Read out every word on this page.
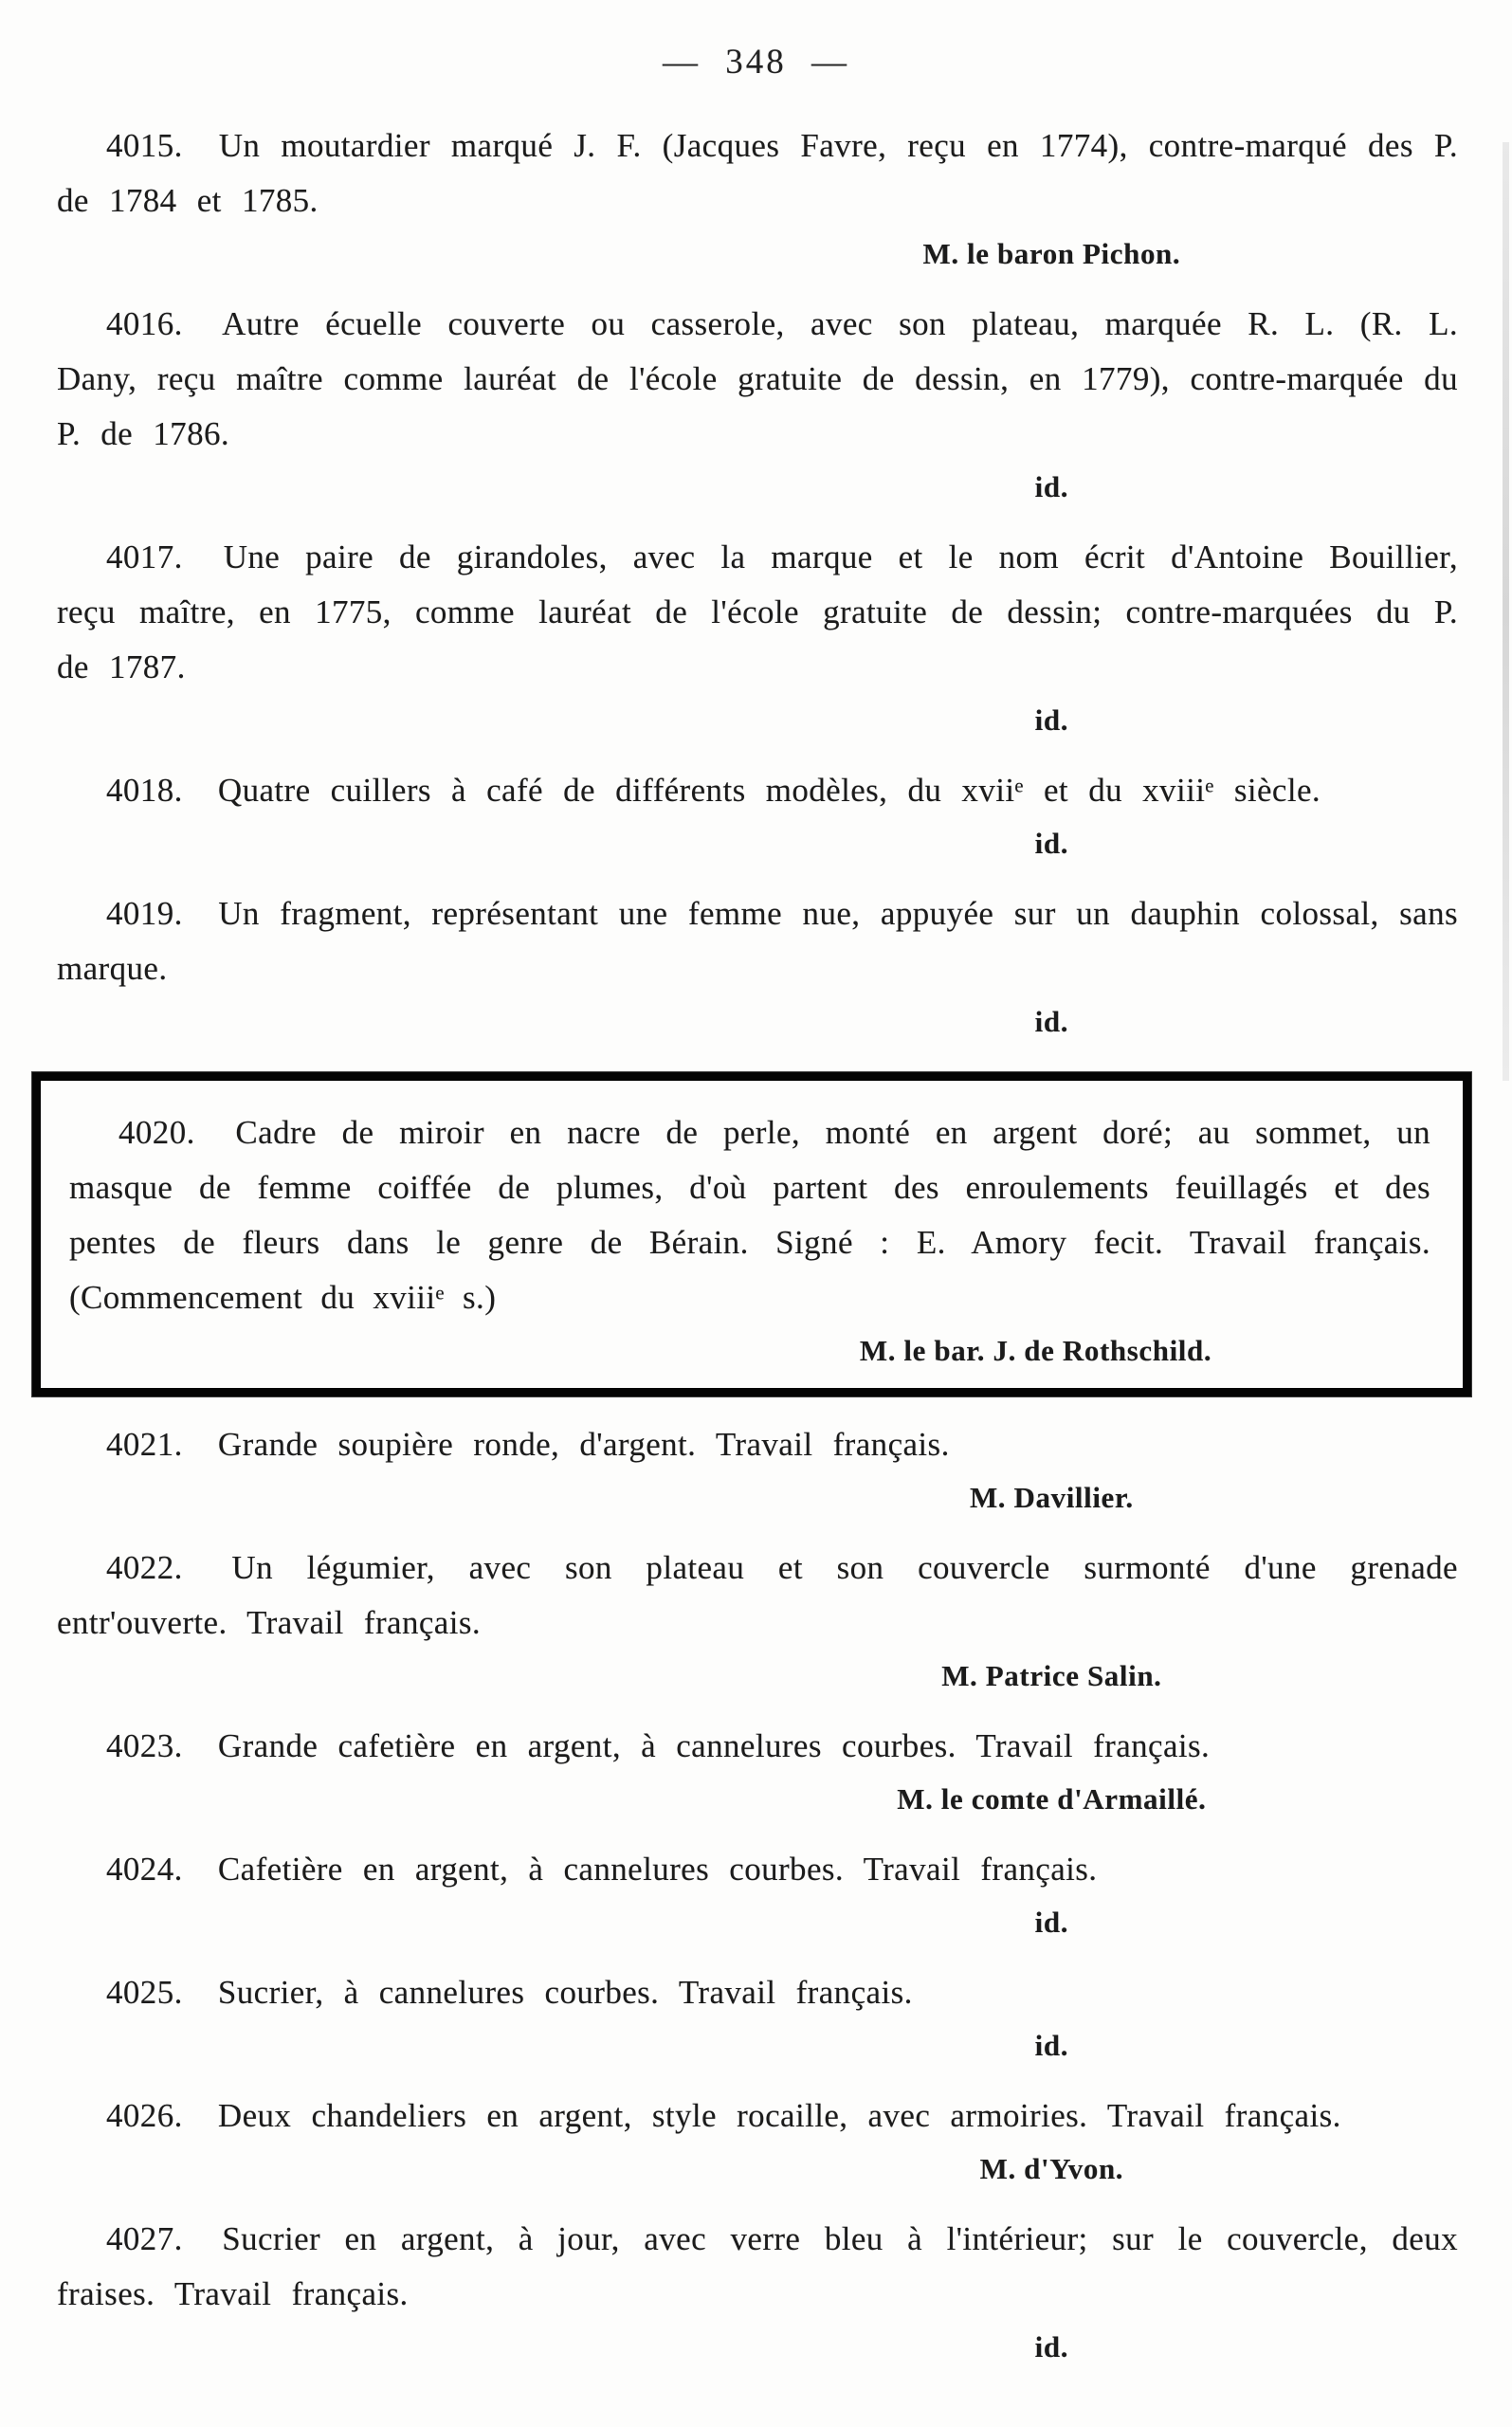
— 348 —

4015. Un moutardier marqué J. F. (Jacques Favre, reçu en 1774), contre-marqué des P. de 1784 et 1785.

M. le baron Pichon.

4016. Autre écuelle couverte ou casserole, avec son plateau, marquée R. L. (R. L. Dany, reçu maître comme lauréat de l'école gratuite de dessin, en 1779), contre-marquée du P. de 1786.

id.

4017. Une paire de girandoles, avec la marque et le nom écrit d'Antoine Bouillier, reçu maître, en 1775, comme lauréat de l'école gratuite de dessin; contre-marquées du P. de 1787.

id.

4018. Quatre cuillers à café de différents modèles, du xviiᵉ et du xviiiᵉ siècle.

id.

4019. Un fragment, représentant une femme nue, appuyée sur un dauphin colossal, sans marque.

id.

4020. Cadre de miroir en nacre de perle, monté en argent doré; au sommet, un masque de femme coiffée de plumes, d'où partent des enroulements feuillagés et des pentes de fleurs dans le genre de Bérain. Signé : E. Amory fecit. Travail français. (Commencement du xviiiᵉ s.)

M. le bar. J. de Rothschild.

4021. Grande soupière ronde, d'argent. Travail français.

M. Davillier.

4022. Un légumier, avec son plateau et son couvercle surmonté d'une grenade entr'ouverte. Travail français.

M. Patrice Salin.

4023. Grande cafetière en argent, à cannelures courbes. Travail français.

M. le comte d'Armaillé.

4024. Cafetière en argent, à cannelures courbes. Travail français.

id.

4025. Sucrier, à cannelures courbes. Travail français.

id.

4026. Deux chandeliers en argent, style rocaille, avec armoiries. Travail français.

M. d'Yvon.

4027. Sucrier en argent, à jour, avec verre bleu à l'intérieur; sur le couvercle, deux fraises. Travail français.

id.
